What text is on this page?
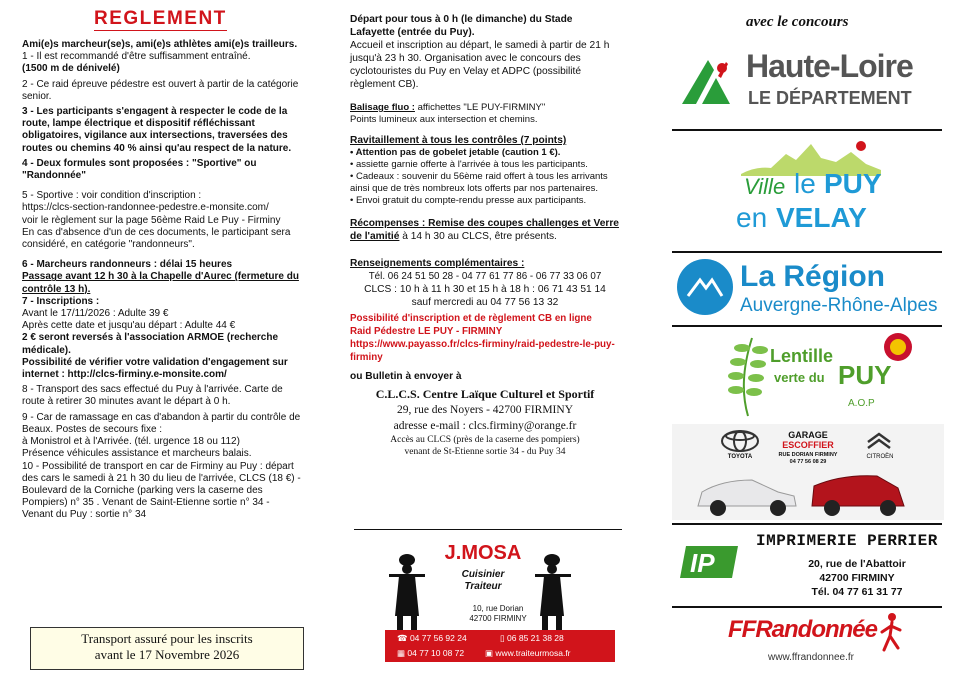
REGLEMENT

Ami(e)s marcheur(se)s, ami(e)s athlètes ami(e)s trailleurs.

1 - Il est recommandé d'être suffisamment entraîné.

(1500 m de dénivelé)

2 - Ce raid épreuve pédestre est ouvert à partir de la catégorie senior.

3 - Les participants s'engagent à respecter le code de la route, lampe électrique et dispositif réfléchissant obligatoires, vigilance aux intersections, traversées des routes ou chemins 40 % ainsi qu'au respect de la nature.

4 - Deux formules sont proposées : "Sportive" ou "Randonnée"

5 - Sportive : voir condition d'inscription :

https://clcs-section-randonnee-pedestre.e-monsite.com/

voir le règlement sur la page 56ème Raid Le Puy - Firminy

En cas d'absence d'un de ces documents, le participant sera considéré, en catégorie "randonneurs".

6 - Marcheurs randonneurs : délai 15 heures

Passage avant 12 h 30 à la Chapelle d'Aurec (fermeture du contrôle 13 h).

7 - Inscriptions :

Avant le 17/11/2026 : Adulte 39 €

Après cette date et jusqu'au départ : Adulte 44 €

2 € seront reversés à l'association ARMOE (recherche médicale).

Possibilité de vérifier votre validation d'engagement sur internet : http://clcs-firminy.e-monsite.com/

8 - Transport des sacs effectué du Puy à l'arrivée. Carte de route à retirer 30 minutes avant le départ à 0 h.

9 - Car de ramassage en cas d'abandon à partir du contrôle de Beaux. Postes de secours fixe :

à Monistrol et à l'Arrivée. (tél. urgence 18 ou 112)

Présence véhicules assistance et marcheurs balais.

10 - Possibilité de transport en car de Firminy au Puy : départ des cars le samedi à 21 h 30 du lieu de l'arrivée, CLCS (18 €) - Boulevard de la Corniche (parking vers la caserne des Pompiers) n° 35 . Venant de Saint-Etienne sortie n° 34 - Venant du Puy : sortie n° 34

Transport assuré pour les inscrits
avant le 17 Novembre 2026

Départ pour tous à 0 h (le dimanche) du Stade Lafayette (entrée du Puy).

Accueil et inscription au départ, le samedi à partir de 21 h jusqu'à 23 h 30. Organisation avec le concours des cyclotouristes du Puy en Velay et ADPC (possibilité règlement CB).

Balisage fluo : affichettes "LE PUY-FIRMINY"

Points lumineux aux intersection et chemins.

Ravitaillement à tous les contrôles (7 points)

• Attention pas de gobelet jetable (caution 1 €).

• assiette garnie offerte à l'arrivée à tous les participants.

• Cadeaux : souvenir du 56ème raid offert à tous les arrivants ainsi que de très nombreux lots offerts par nos partenaires.

• Envoi gratuit du compte-rendu presse aux participants.

Récompenses : Remise des coupes challenges et Verre de l'amitié à 14 h 30 au CLCS, être présents.

Renseignements complémentaires :

Tél. 06 24 51 50 28 - 04 77 61 77 86 - 06 77 33 06 07

CLCS : 10 h à 11 h 30 et 15 h à 18 h : 06 71 43 51 14

sauf mercredi au 04 77 56 13 32

Possibilité d'inscription et de règlement CB en ligne

Raid Pédestre LE PUY - FIRMINY

https://www.payasso.fr/clcs-firminy/raid-pedestre-le-puy-firminy

ou Bulletin à envoyer à

C.L.C.S. Centre Laïque Culturel et Sportif
29, rue des Noyers - 42700 FIRMINY
adresse e-mail : clcs.firminy@orange.fr
Accès au CLCS (près de la caserne des pompiers)
venant de St-Etienne sortie 34 - du Puy 34
J.MOSA
Cuisinier
Traiteur
10, rue Dorian
42700 FIRMINY
☎ 04 77 56 92 24	▯ 06 85 21 38 28
▦ 04 77 10 08 72 ▣ www.traiteurmosa.fr
avec le concours
Haute-Loire
LE DÉPARTEMENT
Ville le PUY
en VELAY
La Région
Auvergne-Rhône-Alpes
Lentille
verte du PUY
A.O.P
TOYOTA
GARAGE
ESCOFFIER
RUE DORIAN FIRMINY
04 77 56 08 29
CITROËN
IP
IMPRIMERIE PERRIER
20, rue de l'Abattoir
42700 FIRMINY
Tél. 04 77 61 31 77
FFRandonnée
www.ffrandonnee.fr
